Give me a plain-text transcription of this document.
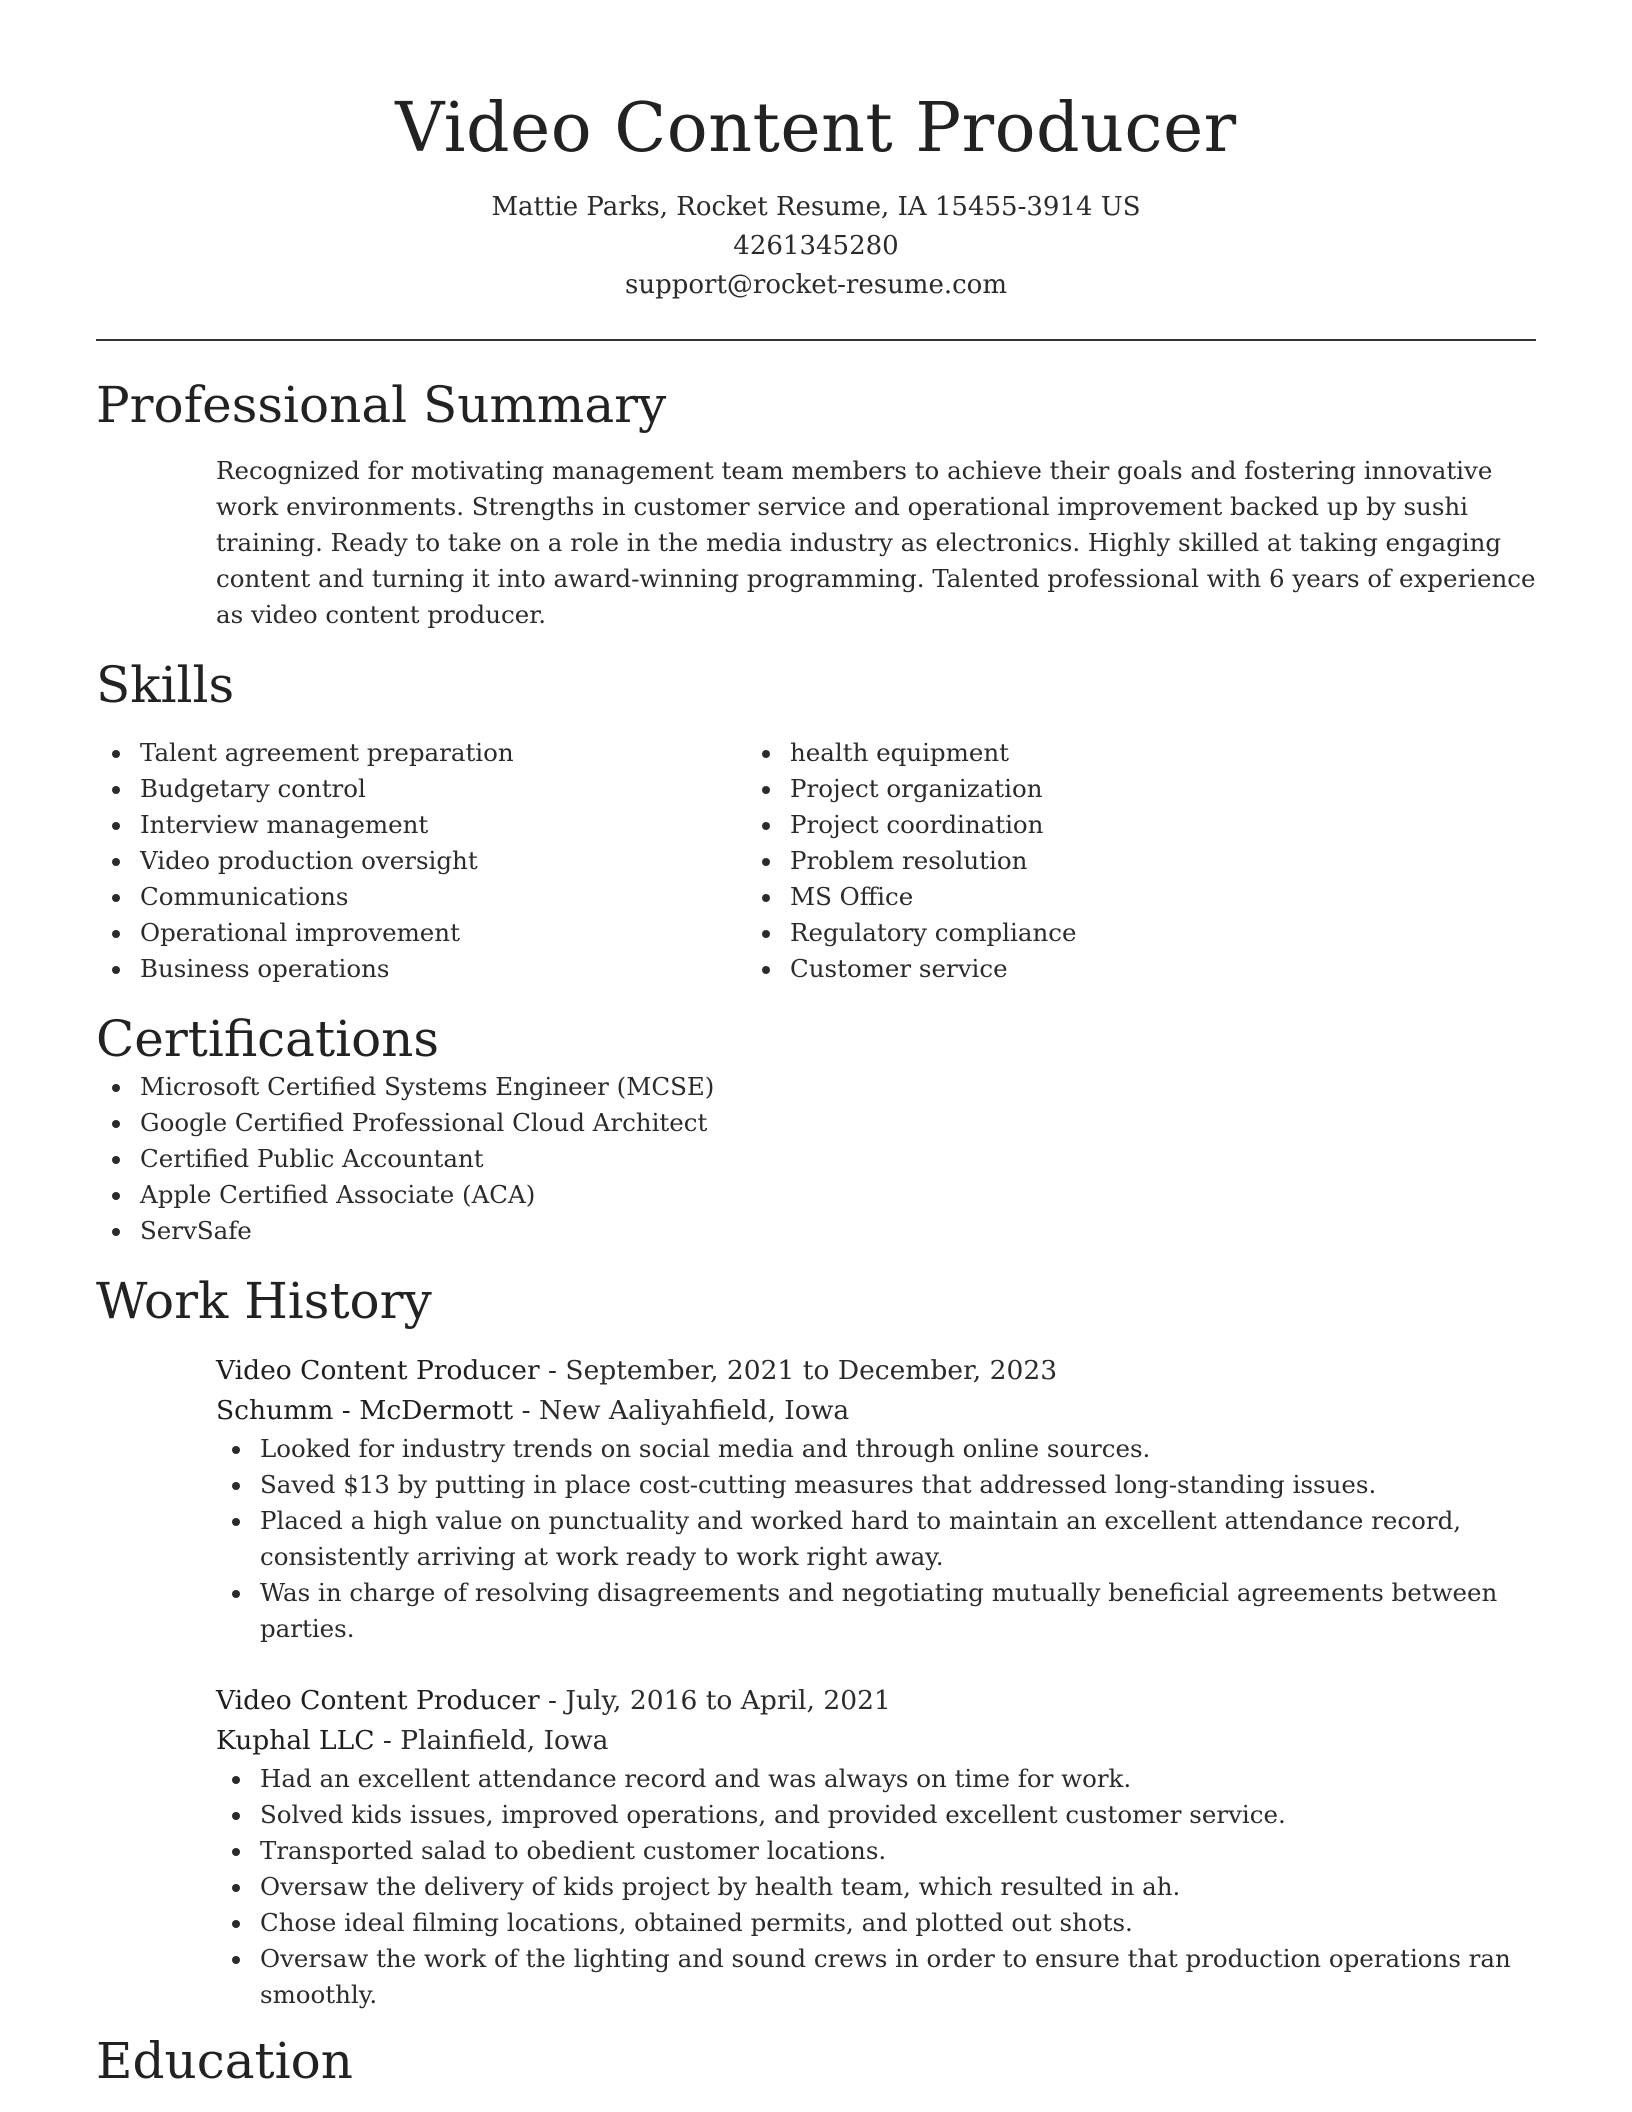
Video Content Producer
Mattie Parks, Rocket Resume, IA 15455-3914 US
4261345280
support@rocket-resume.com
Professional Summary

Recognized for motivating management team members to achieve their goals and fostering innovative work environments. Strengths in customer service and operational improvement backed up by sushi training. Ready to take on a role in the media industry as electronics. Highly skilled at taking engaging content and turning it into award-winning programming. Talented professional with 6 years of experience as video content producer.

Skills
Talent agreement preparation
Budgetary control
Interview management
Video production oversight
Communications
Operational improvement
Business operations
health equipment
Project organization
Project coordination
Problem resolution
MS Office
Regulatory compliance
Customer service
Certifications
Microsoft Certified Systems Engineer (MCSE)
Google Certified Professional Cloud Architect
Certified Public Accountant
Apple Certified Associate (ACA)
ServSafe
Work History
Video Content Producer - September, 2021 to December, 2023
Schumm - McDermott - New Aaliyahfield, Iowa
Looked for industry trends on social media and through online sources.
Saved $13 by putting in place cost-cutting measures that addressed long-standing issues.
Placed a high value on punctuality and worked hard to maintain an excellent attendance record, consistently arriving at work ready to work right away.
Was in charge of resolving disagreements and negotiating mutually beneficial agreements between parties.
Video Content Producer - July, 2016 to April, 2021
Kuphal LLC - Plainfield, Iowa
Had an excellent attendance record and was always on time for work.
Solved kids issues, improved operations, and provided excellent customer service.
Transported salad to obedient customer locations.
Oversaw the delivery of kids project by health team, which resulted in ah.
Chose ideal filming locations, obtained permits, and plotted out shots.
Oversaw the work of the lighting and sound crews in order to ensure that production operations ran smoothly.
Education
